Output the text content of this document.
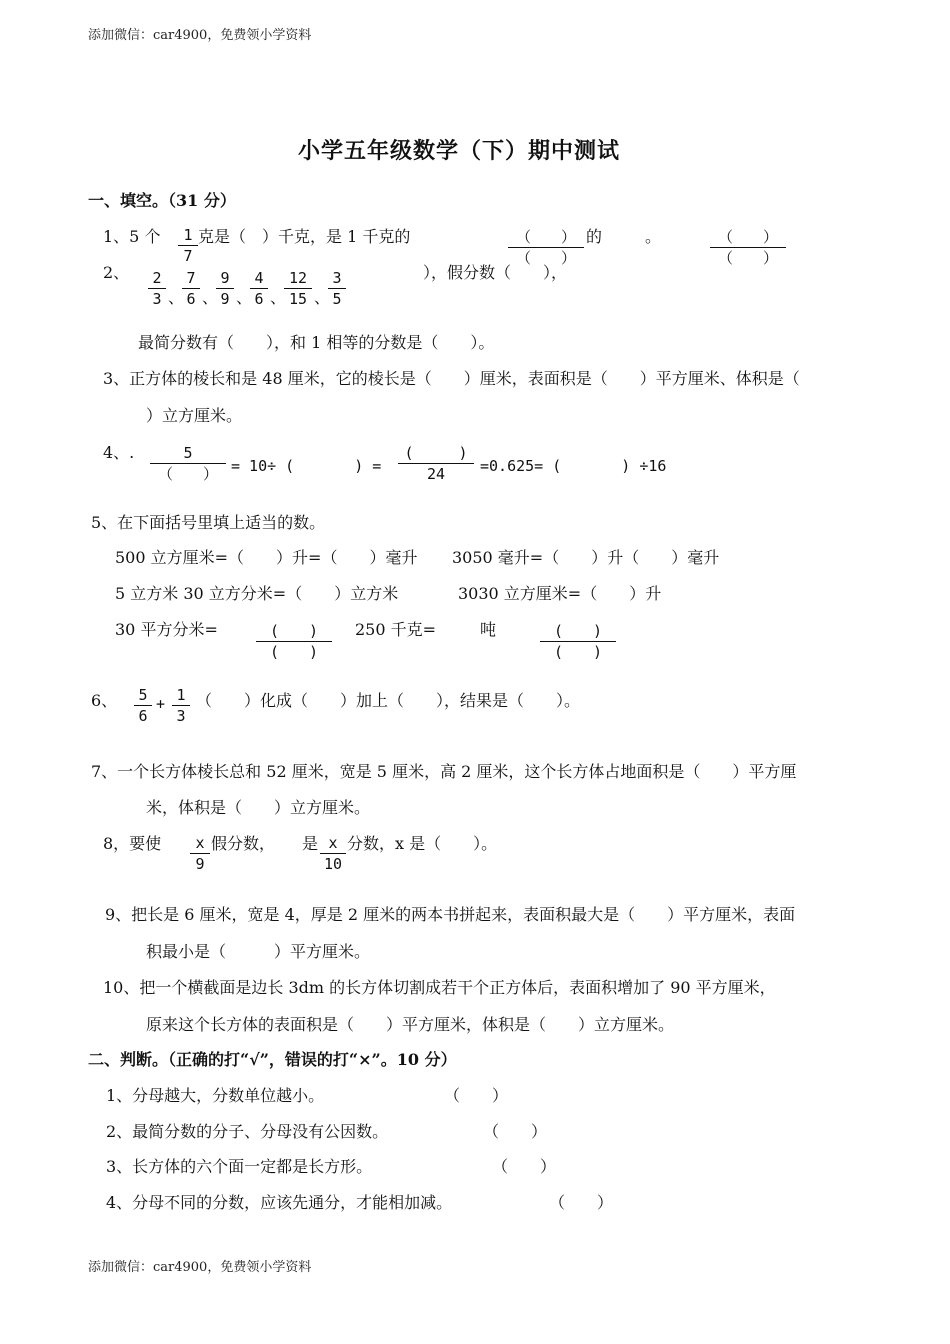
添加微信：car4900，免费领小学资料
小学五年级数学（下）期中测试
一、填空。（31 分）
1、5 个	1
7
克是（　）千克，是 1 千克的	（　　）
（　　）
的	。	（　　）
（　　）
2、 2
3 、
7
6 、
9
9 、
4
6 、
12
15 、
3
5
），假分数（　　），
最简分数有（　　），和 1 相等的分数是（　　）。
3、正方体的棱长和是 48 厘米，它的棱长是（　　）厘米，表面积是（　　）平方厘米、体积是（
）立方厘米。
4、.	5
（　　） = 10÷ (　　　　) =
(　　　)
24	=0.625= (　　　　) ÷16
5、在下面括号里填上适当的数。
500 立方厘米=（　　）升=（　　）毫升 3050 毫升=（　　）升（　　）毫升
5 立方米 30 立方分米=（　　）立方米	3030 立方厘米=（　　）升
30 平方分米=	(　　)
(　　)
250 千克=	吨	(　　)
(　　)
6、 5
6
+ 1
3
（　　）化成（　　）加上（　　），结果是（　　）。
7、一个长方体棱长总和 52 厘米，宽是 5 厘米，高 2 厘米，这个长方体占地面积是（　　）平方厘
米，体积是（　　）立方厘米。
8，要使	x
9
假分数， 是 x
10
分数，x 是（　　）。
9、把长是 6 厘米，宽是 4，厚是 2 厘米的两本书拼起来，表面积最大是（　　）平方厘米，表面
积最小是（　　　）平方厘米。
10、把一个横截面是边长 3dm 的长方体切割成若干个正方体后，表面积增加了 90 平方厘米，
原来这个长方体的表面积是（　　）平方厘米，体积是（　　）立方厘米。
二、判断。（正确的打“√”，错误的打“×”。10 分）
1、分母越大，分数单位越小。	（　　）
2、最简分数的分子、分母没有公因数。	（　　）
3、长方体的六个面一定都是长方形。	（　　）
4、分母不同的分数，应该先通分，才能相加减。	（　　）
添加微信：car4900，免费领小学资料
